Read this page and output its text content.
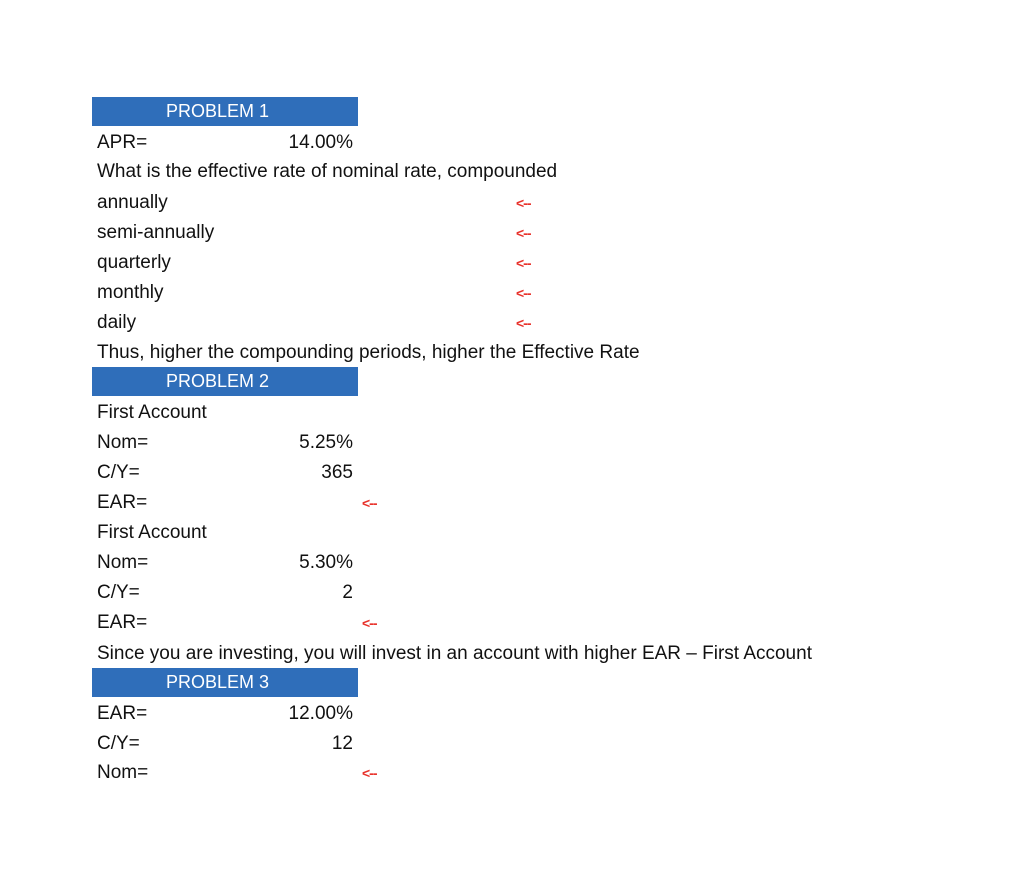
PROBLEM 1
APR=	14.00%
What is the effective rate of nominal rate, compounded
annually	<--
semi-annually	<--
quarterly	<--
monthly	<--
daily	<--
Thus, higher the compounding periods, higher the Effective Rate
PROBLEM 2
First Account
Nom=	5.25%
C/Y=	365
EAR=	<--
First Account
Nom=	5.30%
C/Y=	2
EAR=	<--
Since you are investing, you will invest in an account with higher EAR – First Account
PROBLEM 3
EAR=	12.00%
C/Y=	12
Nom=	<--
